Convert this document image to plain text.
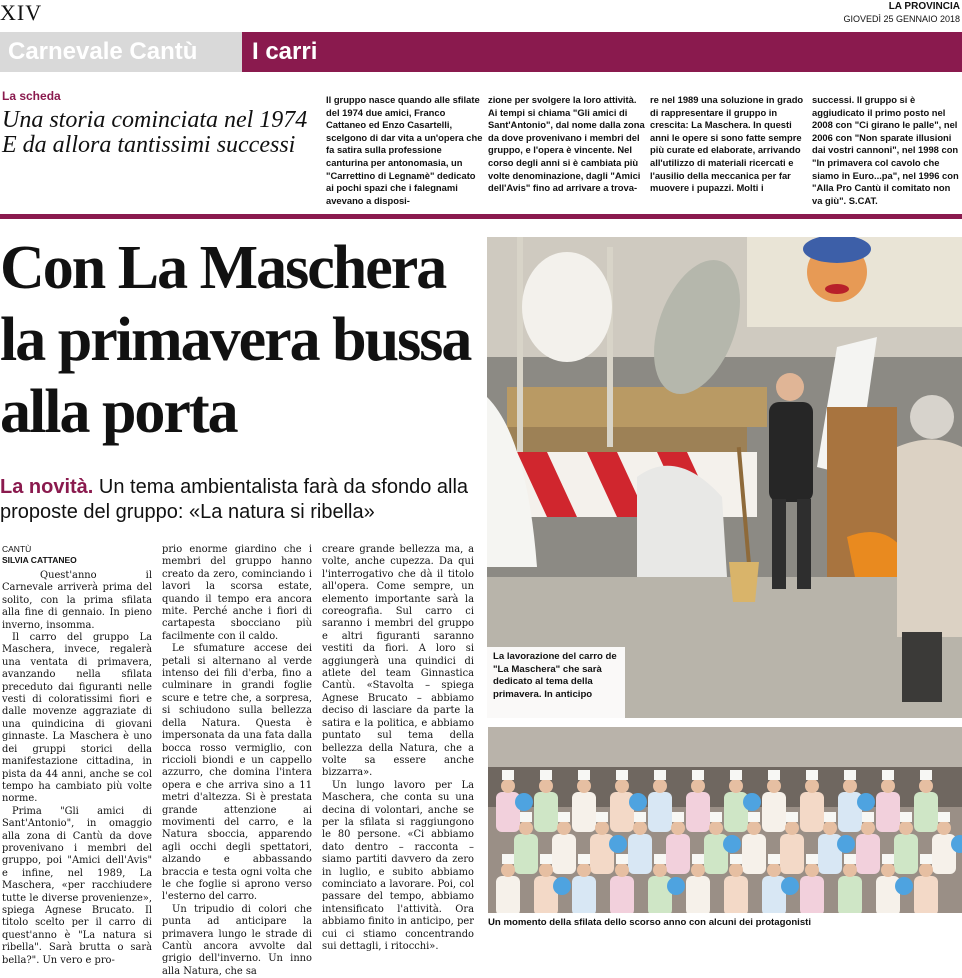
XIV	LA PROVINCIA
GIOVEDÌ 25 GENNAIO 2018
Carnevale Cantù	I carri
La scheda
Una storia cominciata nel 1974 E da allora tantissimi successi
Il gruppo nasce quando alle sfilate del 1974 due amici, Franco Cattaneo ed Enzo Casartelli, scelgono di dar vita a un'opera che fa satira sulla professione canturina per antonomasia, un "Carrettino di Legnamè" dedicato ai pochi spazi che i falegnami avevano a disposi-
zione per svolgere la loro attività. Ai tempi si chiama "Gli amici di Sant'Antonio", dal nome dalla zona da dove provenivano i membri del gruppo, e l'opera è vincente. Nel corso degli anni si è cambiata più volte denominazione, dagli "Amici dell'Avis" fino ad arrivare a trova-
re nel 1989 una soluzione in grado di rappresentare il gruppo in crescita: La Maschera. In questi anni le opere si sono fatte sempre più curate ed elaborate, arrivando all'utilizzo di materiali ricercati e l'ausilio della meccanica per far muovere i pupazzi. Molti i
successi. Il gruppo si è aggiudicato il primo posto nel 2008 con "Ci girano le palle", nel 2006 con "Non sparate illusioni dai vostri cannoni", nel 1998 con "In primavera col cavolo che siamo in Euro...pa", nel 1996 con "Alla Pro Cantù il comitato non va giù". S.CAT.
Con La Maschera la primavera bussa alla porta
La novità. Un tema ambientalista farà da sfondo alla proposte del gruppo: «La natura si ribella»
CANTÙ
SILVIA CATTANEO

Quest'anno il Carnevale arriverà prima del solito, con la prima sfilata alla fine di gennaio. In pieno inverno, insomma.

Il carro del gruppo La Maschera, invece, regalerà una ventata di primavera, avanzando nella sfilata preceduto dai figuranti nelle vesti di coloratissimi fiori e dalle movenze aggraziate di una quindicina di giovani ginnaste. La Maschera è uno dei gruppi storici della manifestazione cittadina, in pista da 44 anni, anche se col tempo ha cambiato più volte norme.

Prima "Gli amici di Sant'Antonio", in omaggio alla zona di Cantù da dove provenivano i membri del gruppo, poi "Amici dell'Avis" e infine, nel 1989, La Maschera, «per racchiudere tutte le diverse provenienze», spiega Agnese Brucato. Il titolo scelto per il carro di quest'anno è "La natura si ribella". Sarà brutta o sarà bella?". Un vero e pro-

prio enorme giardino che i membri del gruppo hanno creato da zero, cominciando i lavori la scorsa estate, quando il tempo era ancora mite. Perché anche i fiori di cartapesta sbocciano più facilmente con il caldo.

Le sfumature accese dei petali si alternano al verde intenso dei fili d'erba, fino a culminare in grandi foglie scure e tetre che, a sorpresa, si schiudono sulla bellezza della Natura. Questa è impersonata da una fata dalla bocca rosso vermiglio, con riccioli biondi e un cappello azzurro, che domina l'intera opera e che arriva sino a 11 metri d'altezza. Si è prestata grande attenzione ai movimenti del carro, e la Natura sboccia, apparendo agli occhi degli spettatori, alzando e abbassando braccia e testa ogni volta che le che foglie si aprono verso l'esterno del carro.

Un tripudio di colori che punta ad anticipare la primavera lungo le strade di Cantù ancora avvolte dal grigio dell'inverno. Un inno alla Natura, che sa

creare grande bellezza ma, a volte, anche cupezza. Da qui l'interrogativo che dà il titolo all'opera. Come sempre, un elemento importante sarà la coreografia. Sul carro ci saranno i membri del gruppo e altri figuranti saranno vestiti da fiori. A loro si aggiungerà una quindici di atlete del team Ginnastica Cantù. «Stavolta – spiega Agnese Brucato – abbiamo deciso di lasciare da parte la satira e la politica, e abbiamo puntato sul tema della bellezza della Natura, che a volte sa essere anche bizzarra».

Un lungo lavoro per La Maschera, che conta su una decina di volontari, anche se per la sfilata si raggiungono le 80 persone. «Ci abbiamo dato dentro – racconta – siamo partiti davvero da zero in luglio, e subito abbiamo cominciato a lavorare. Poi, col passare del tempo, abbiamo intensificato l'attività. Ora abbiamo finito in anticipo, per cui ci stiamo concentrando sui dettagli, i ritocchi».

La lavorazione del carro de "La Maschera" che sarà dedicato al tema della primavera. In anticipo
Un momento della sfilata dello scorso anno con alcuni dei protagonisti
